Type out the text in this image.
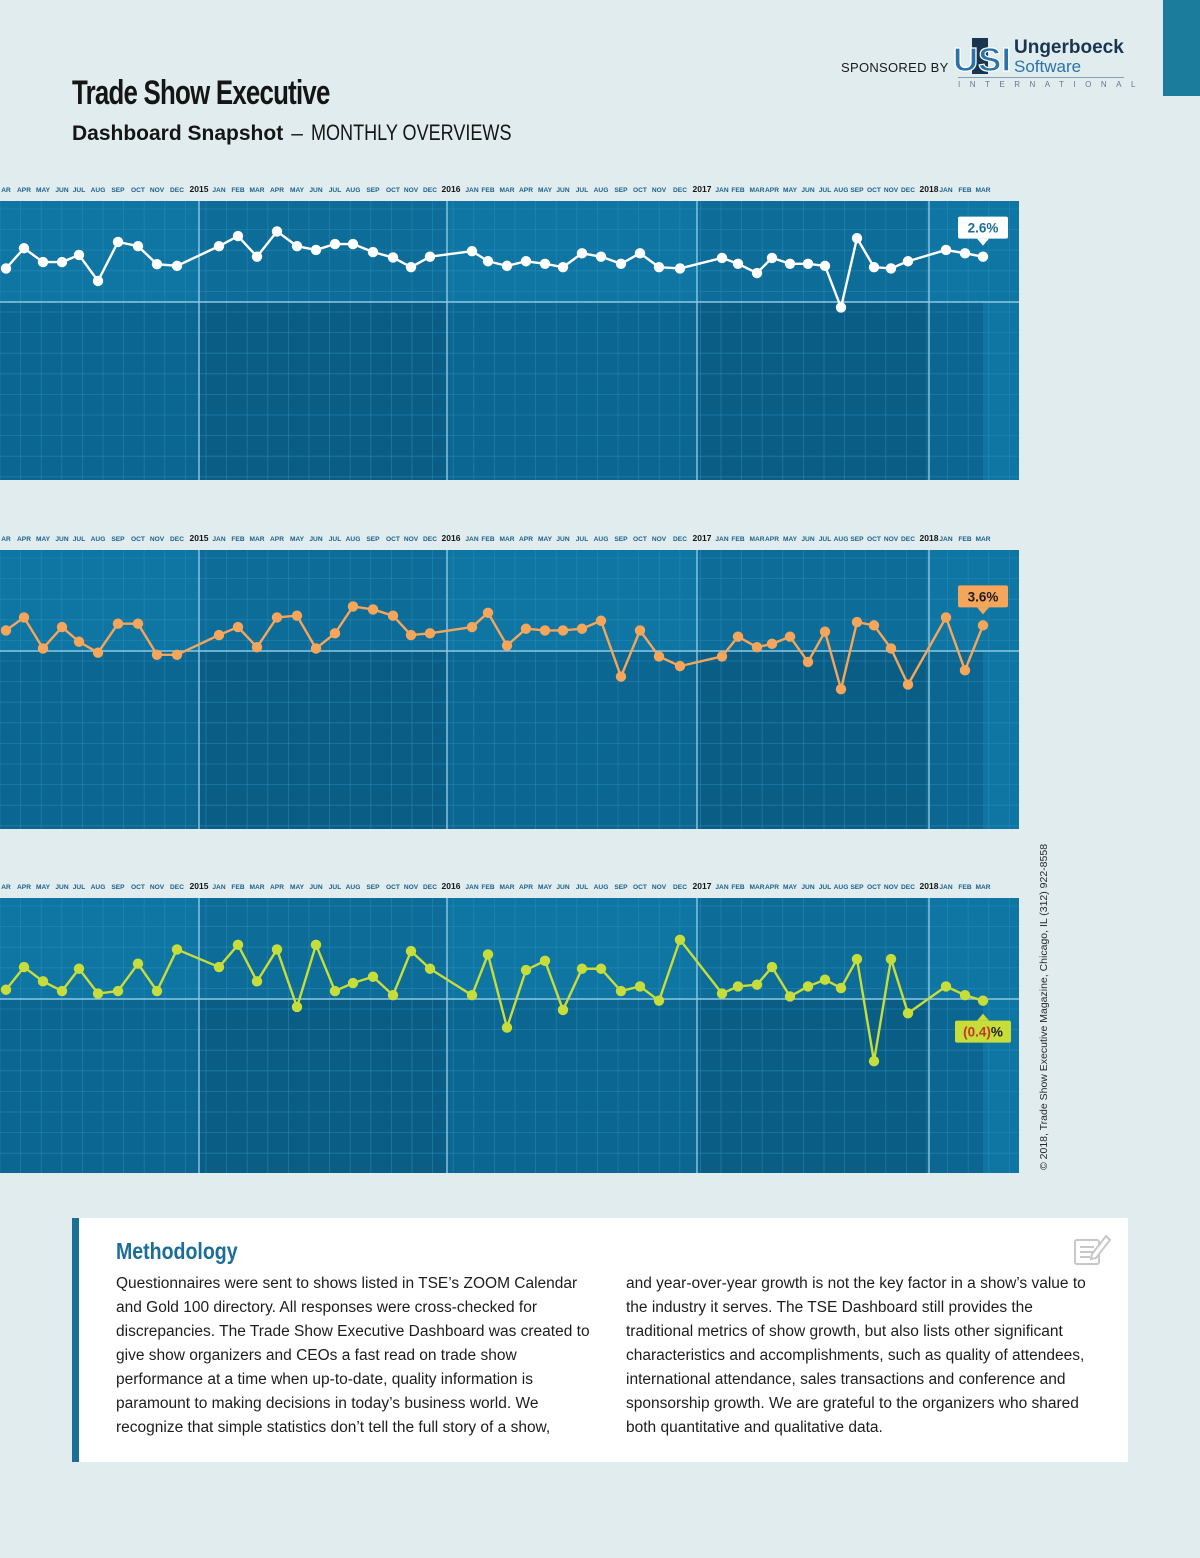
SPONSORED BY USI Ungerboeck
Software
INTERNATIONAL
Trade Show Executive
Dashboard Snapshot – MONTHLY OVERVIEWS
AR APR MAY JUN JUL AUG SEP OCT NOV DEC 2015 JAN FEB MAR APR MAY JUN JUL AUG SEP OCT NOV DEC 2016 JAN FEB MAR APR MAY JUN JUL AUG SEP OCT NOV DEC 2017 JAN FEB MAR APR MAY JUN JUL AUG SEP OCT NOV DEC 2018 JAN FEB MAR
2.6%
AR APR MAY JUN JUL AUG SEP OCT NOV DEC 2015 JAN FEB MAR APR MAY JUN JUL AUG SEP OCT NOV DEC 2016 JAN FEB MAR APR MAY JUN JUL AUG SEP OCT NOV DEC 2017 JAN FEB MAR APR MAY JUN JUL AUG SEP OCT NOV DEC 2018 JAN FEB MAR
3.6%
AR APR MAY JUN JUL AUG SEP OCT NOV DEC 2015 JAN FEB MAR APR MAY JUN JUL AUG SEP OCT NOV DEC 2016 JAN FEB MAR APR MAY JUN JUL AUG SEP OCT NOV DEC 2017 JAN FEB MAR APR MAY JUN JUL AUG SEP OCT NOV DEC 2018 JAN FEB MAR
(0.4)%	© 2018, Trade Show Executive Magazine, Chicago, IL (312) 922-8558
Methodology
Questionnaires were sent to shows listed in TSE’s ZOOM Calendar and Gold 100 directory. All responses were cross-checked for discrepancies. The Trade Show Executive Dashboard was created to give show organizers and CEOs a fast read on trade show performance at a time when up-to-date, quality information is paramount to making decisions in today’s business world. We recognize that simple statistics don’t tell the full story of a show,
and year-over-year growth is not the key factor in a show’s value to the industry it serves. The TSE Dashboard still provides the traditional metrics of show growth, but also lists other significant characteristics and accomplishments, such as quality of attendees, international attendance, sales transactions and conference and sponsorship growth. We are grateful to the organizers who shared both quantitative and qualitative data.
